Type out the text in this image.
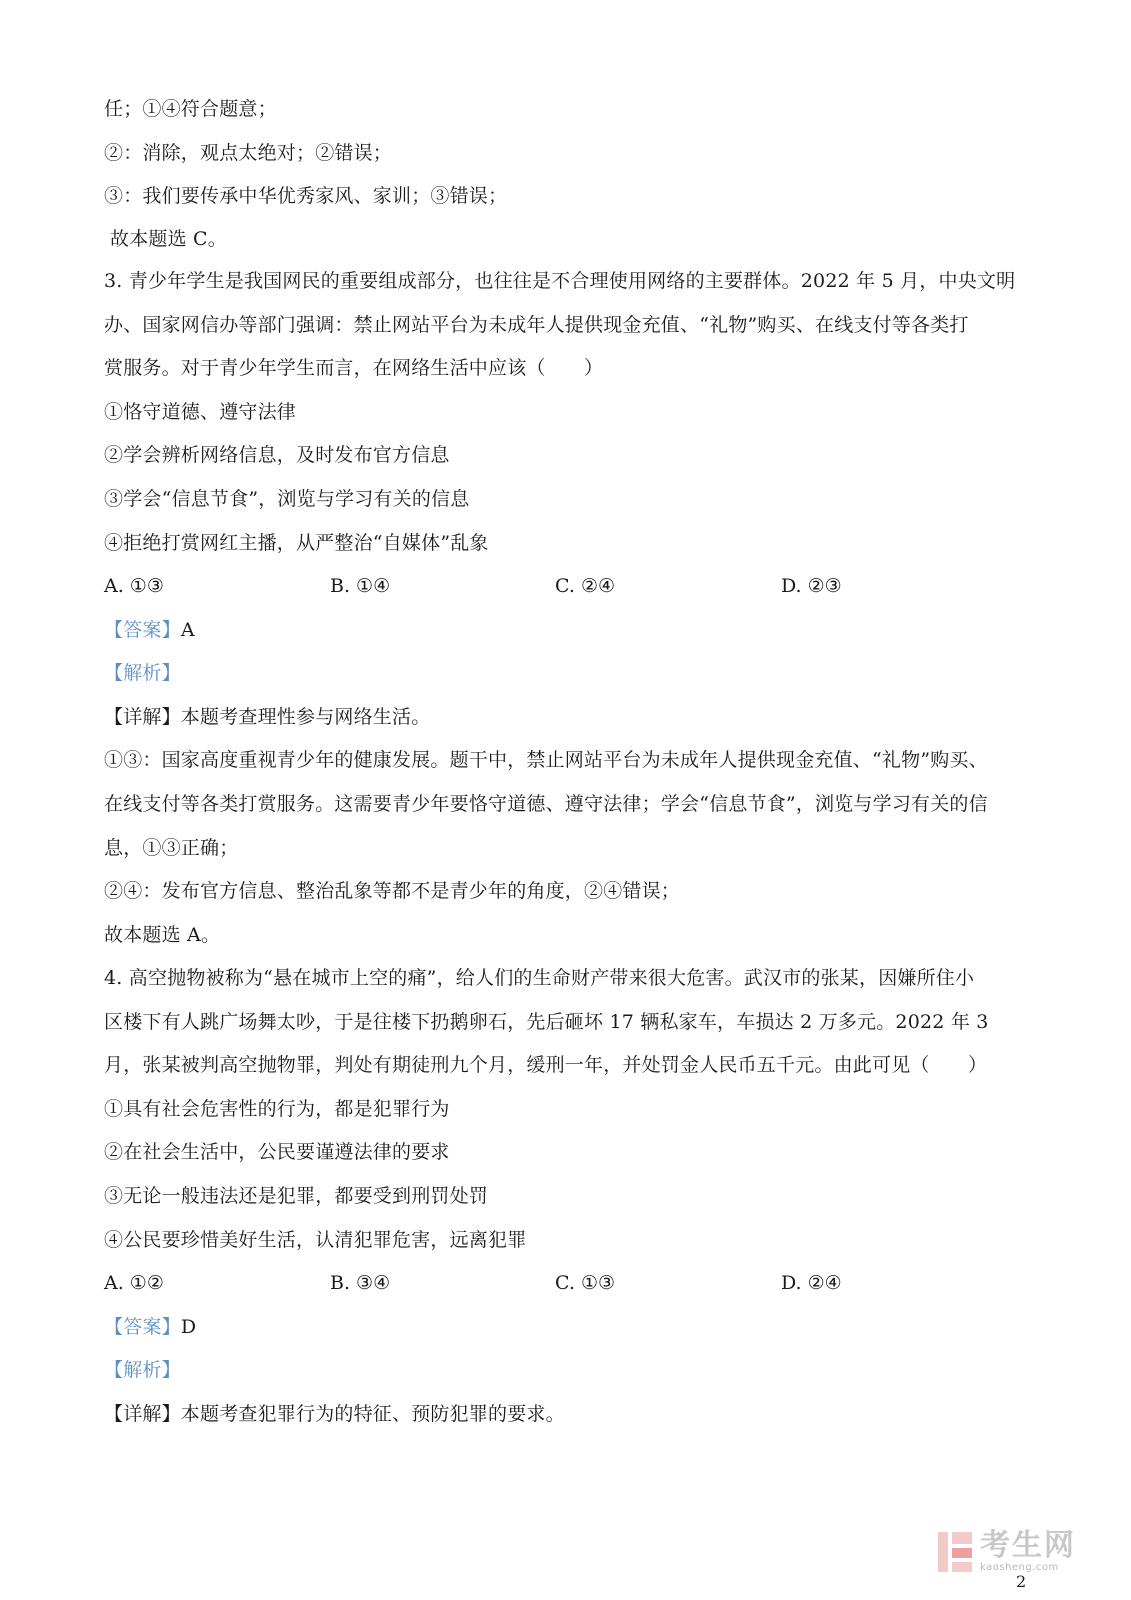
任；①④符合题意；
②：消除，观点太绝对；②错误；
③：我们要传承中华优秀家风、家训；③错误；
故本题选 C。
3. 青少年学生是我国网民的重要组成部分，也往往是不合理使用网络的主要群体。2022 年 5 月，中央文明
办、国家网信办等部门强调：禁止网站平台为未成年人提供现金充值、“礼物”购买、在线支付等各类打
赏服务。对于青少年学生而言，在网络生活中应该（　　）
①恪守道德、遵守法律
②学会辨析网络信息，及时发布官方信息
③学会“信息节食”，浏览与学习有关的信息
④拒绝打赏网红主播，从严整治“自媒体”乱象
A. ①③	B. ①④	C. ②④	D. ②③
【答案】A
【解析】
【详解】本题考查理性参与网络生活。
①③：国家高度重视青少年的健康发展。题干中，禁止网站平台为未成年人提供现金充值、“礼物”购买、
在线支付等各类打赏服务。这需要青少年要恪守道德、遵守法律；学会“信息节食”，浏览与学习有关的信
息，①③正确；
②④：发布官方信息、整治乱象等都不是青少年的角度，②④错误；
故本题选 A。
4. 高空抛物被称为“悬在城市上空的痛”，给人们的生命财产带来很大危害。武汉市的张某，因嫌所住小
区楼下有人跳广场舞太吵，于是往楼下扔鹅卵石，先后砸坏 17 辆私家车，车损达 2 万多元。2022 年 3
月，张某被判高空抛物罪，判处有期徒刑九个月，缓刑一年，并处罚金人民币五千元。由此可见（　　）
①具有社会危害性的行为，都是犯罪行为
②在社会生活中，公民要谨遵法律的要求
③无论一般违法还是犯罪，都要受到刑罚处罚
④公民要珍惜美好生活，认清犯罪危害，远离犯罪
A. ①②	B. ③④	C. ①③	D. ②④
【答案】D
【解析】
【详解】本题考查犯罪行为的特征、预防犯罪的要求。
考生网
kaosheng.com
2
